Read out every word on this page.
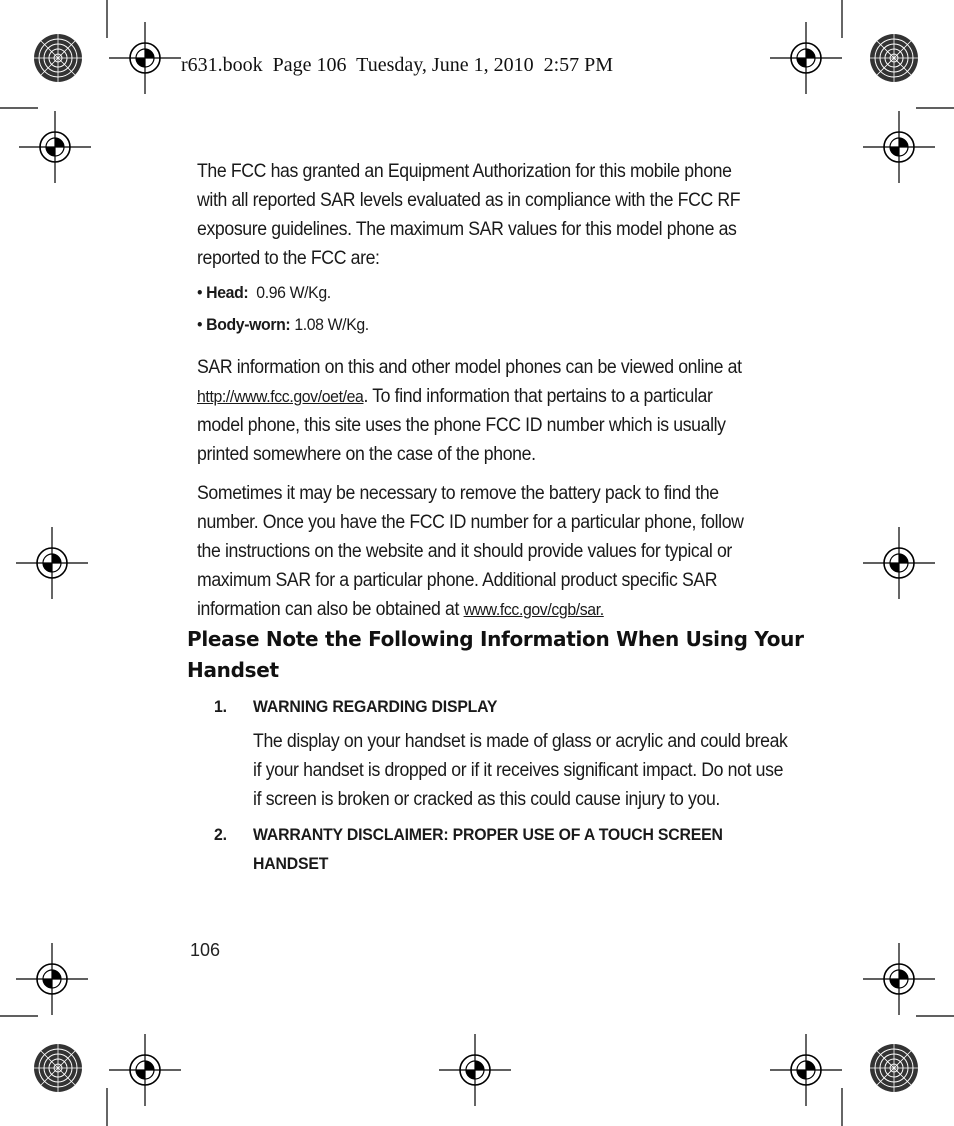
r631.book  Page 106  Tuesday, June 1, 2010  2:57 PM

The FCC has granted an Equipment Authorization for this mobile phone with all reported SAR levels evaluated as in compliance with the FCC RF exposure guidelines. The maximum SAR values for this model phone as reported to the FCC are:

• Head: 0.96 W/Kg.
• Body-worn: 1.08 W/Kg.

SAR information on this and other model phones can be viewed online at http://www.fcc.gov/oet/ea. To find information that pertains to a particular model phone, this site uses the phone FCC ID number which is usually printed somewhere on the case of the phone.

Sometimes it may be necessary to remove the battery pack to find the number. Once you have the FCC ID number for a particular phone, follow the instructions on the website and it should provide values for typical or maximum SAR for a particular phone. Additional product specific SAR information can also be obtained at www.fcc.gov/cgb/sar.

Please Note the Following Information When Using Your Handset
1. WARNING REGARDING DISPLAY
The display on your handset is made of glass or acrylic and could break if your handset is dropped or if it receives significant impact. Do not use if screen is broken or cracked as this could cause injury to you.
2. WARRANTY DISCLAIMER: PROPER USE OF A TOUCH SCREEN HANDSET
106
